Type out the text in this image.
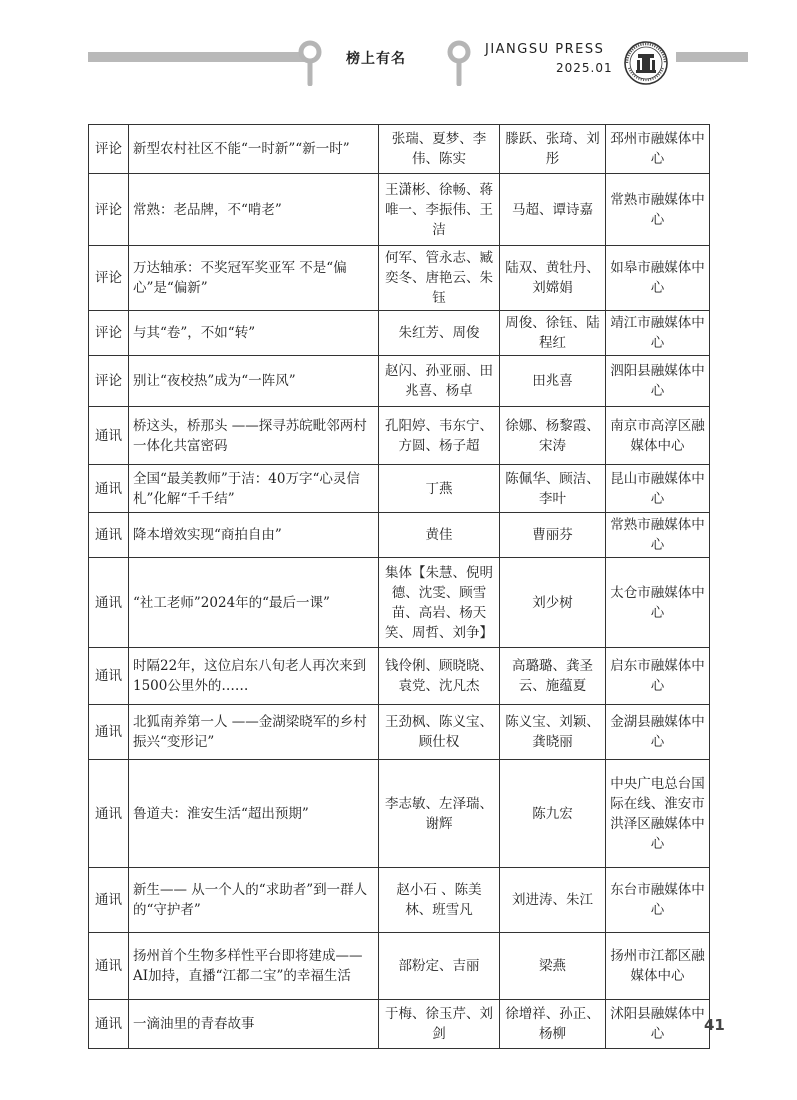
榜上有名
JIANGSU PRESS
2025.01
评论	新型农村社区不能“一时新”“新一时”	张瑞、夏梦、李伟、陈实	滕跃、张琦、刘彤	邳州市融媒体中心
评论	常熟：老品牌，不“啃老”	王潇彬、徐畅、蒋唯一、李振伟、王洁	马超、谭诗嘉	常熟市融媒体中心
评论	万达轴承：不奖冠军奖亚军 不是“偏心”是“偏新”	何军、管永志、臧奕冬、唐艳云、朱钰	陆双、黄牡丹、刘嫦娟	如皋市融媒体中心
评论	与其“卷”，不如“转”	朱红芳、周俊	周俊、徐钰、陆程红	靖江市融媒体中心
评论	别让“夜校热”成为“一阵风”	赵闪、孙亚丽、田兆喜、杨卓	田兆喜	泗阳县融媒体中心
通讯	桥这头，桥那头 ——探寻苏皖毗邻两村一体化共富密码	孔阳婷、韦东宁、方圆、杨子超	徐娜、杨黎霞、宋涛	南京市高淳区融媒体中心
通讯	全国“最美教师”于洁：40万字“心灵信札”化解“千千结”	丁燕	陈佩华、顾洁、李叶	昆山市融媒体中心
通讯	降本增效实现“商拍自由”	黄佳	曹丽芬	常熟市融媒体中心
通讯	“社工老师”2024年的“最后一课”	集体【朱慧、倪明德、沈雯、顾雪苗、高岩、杨天笑、周哲、刘争】	刘少树	太仓市融媒体中心
通讯	时隔22年，这位启东八旬老人再次来到1500公里外的……	钱伶俐、顾晓晓、袁党、沈凡杰	高璐璐、龚圣云、施蕴夏	启东市融媒体中心
通讯	北狐南养第一人 ——金湖梁晓军的乡村振兴“变形记”	王劲枫、陈义宝、顾仕权	陈义宝、刘颖、龚晓丽	金湖县融媒体中心
通讯	鲁道夫：淮安生活“超出预期”	李志敏、左泽瑞、谢辉	陈九宏	中央广电总台国际在线、淮安市洪泽区融媒体中心
通讯	新生—— 从一个人的“求助者”到一群人的“守护者”	赵小石 、陈美林、班雪凡	刘进涛、朱江	东台市融媒体中心
通讯	扬州首个生物多样性平台即将建成——AI加持，直播“江都二宝”的幸福生活	部粉定、吉丽	梁燕	扬州市江都区融媒体中心
通讯	一滴油里的青春故事	于梅、徐玉芹、刘剑	徐增祥、孙正、杨柳	沭阳县融媒体中心	41
